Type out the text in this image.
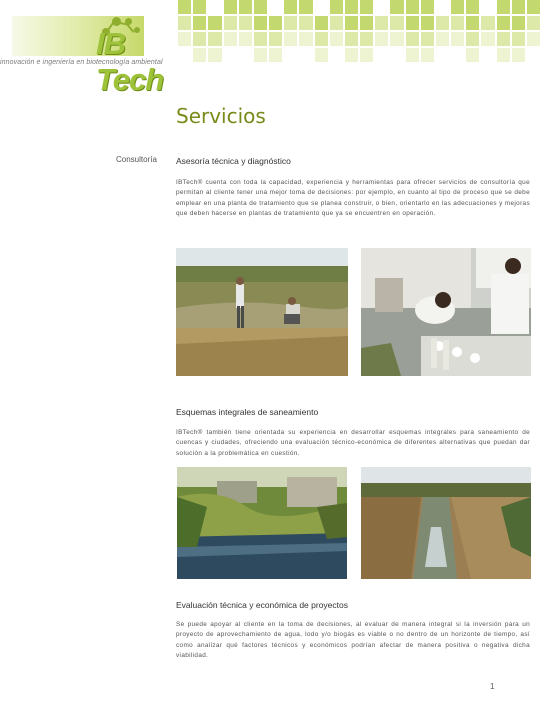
IB Tech
innovación e ingeniería en biotecnología ambiental
Servicios
Consultoría Asesoría técnica y diagnóstico
IBTech® cuenta con toda la capacidad, experiencia y herramientas para ofrecer servicios de consultoría que permitan al cliente tener una mejor toma de decisiones: por ejemplo, en cuanto al tipo de proceso que se debe emplear en una planta de tratamiento que se planea construir, o bien, orientarlo en las adecuaciones y mejoras que deben hacerse en plantas de tratamiento que ya se encuentren en operación.
Esquemas integrales de saneamiento
IBTech® también tiene orientada su experiencia en desarrollar esquemas integrales para saneamiento de cuencas y ciudades, ofreciendo una evaluación técnico-económica de diferentes alternativas que puedan dar solución a la problemática en cuestión.
Evaluación técnica y económica de proyectos
Se puede apoyar al cliente en la toma de decisiones, al evaluar de manera integral si la inversión para un proyecto de aprovechamiento de agua, lodo y/o biogás es viable o no dentro de un horizonte de tiempo, así como analizar qué factores técnicos y económicos podrían afectar de manera positiva o negativa dicha viabilidad.
1
